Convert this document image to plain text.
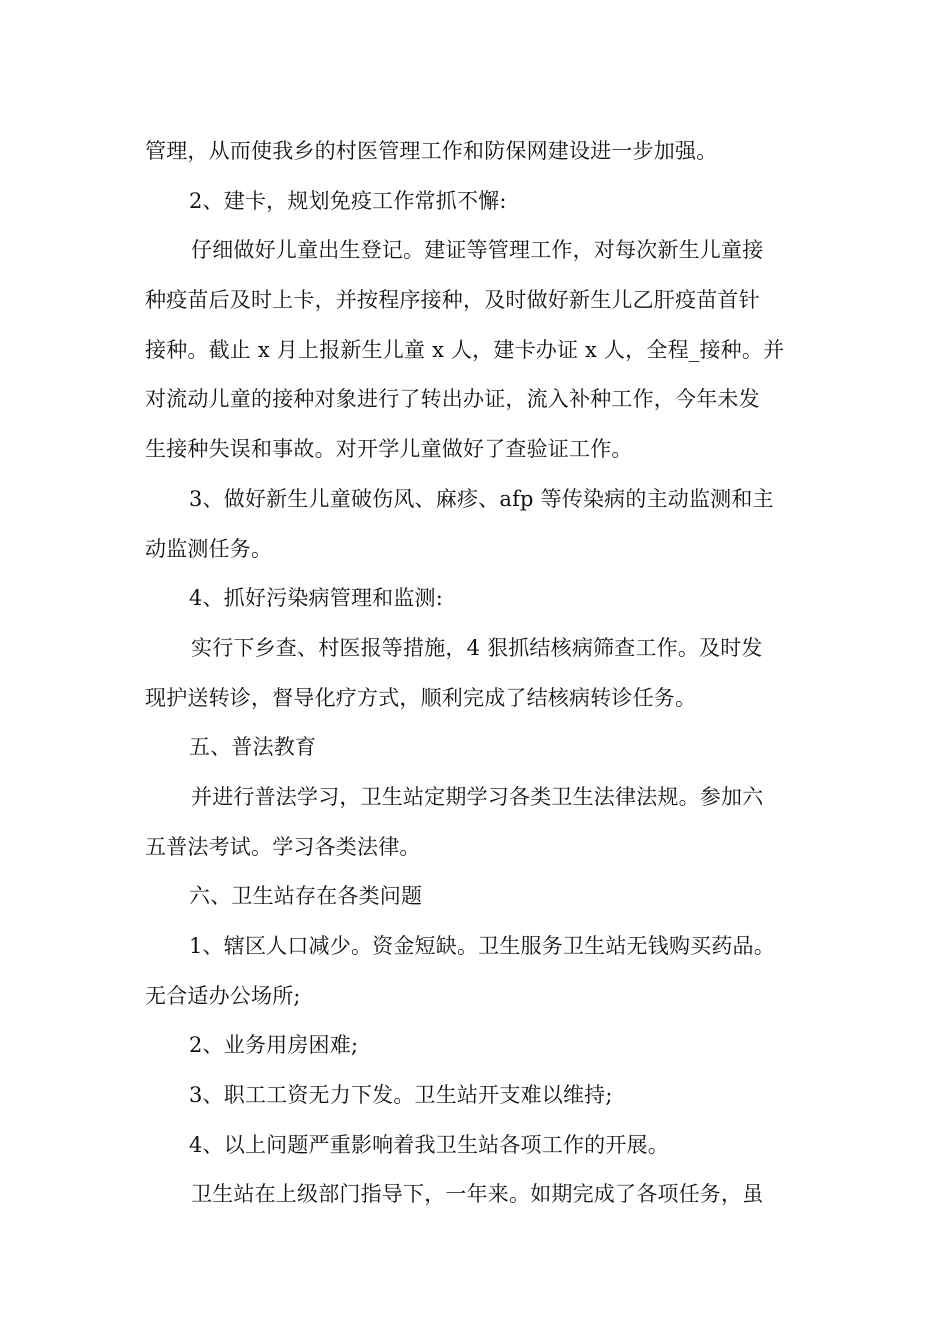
管理，从而使我乡的村医管理工作和防保网建设进一步加强。
2、建卡，规划免疫工作常抓不懈:
仔细做好儿童出生登记。建证等管理工作，对每次新生儿童接
种疫苗后及时上卡，并按程序接种，及时做好新生儿乙肝疫苗首针
接种。截止 x 月上报新生儿童 x 人，建卡办证 x 人，全程_接种。并
对流动儿童的接种对象进行了转出办证，流入补种工作，今年未发
生接种失误和事故。对开学儿童做好了查验证工作。
3、做好新生儿童破伤风、麻疹、afp 等传染病的主动监测和主
动监测任务。
4、抓好污染病管理和监测:
实行下乡查、村医报等措施，4 狠抓结核病筛查工作。及时发
现护送转诊，督导化疗方式，顺利完成了结核病转诊任务。
五、普法教育
并进行普法学习，卫生站定期学习各类卫生法律法规。参加六
五普法考试。学习各类法律。
六、卫生站存在各类问题
1、辖区人口减少。资金短缺。卫生服务卫生站无钱购买药品。
无合适办公场所;
2、业务用房困难;
3、职工工资无力下发。卫生站开支难以维持;
4、以上问题严重影响着我卫生站各项工作的开展。
卫生站在上级部门指导下，一年来。如期完成了各项任务，虽
